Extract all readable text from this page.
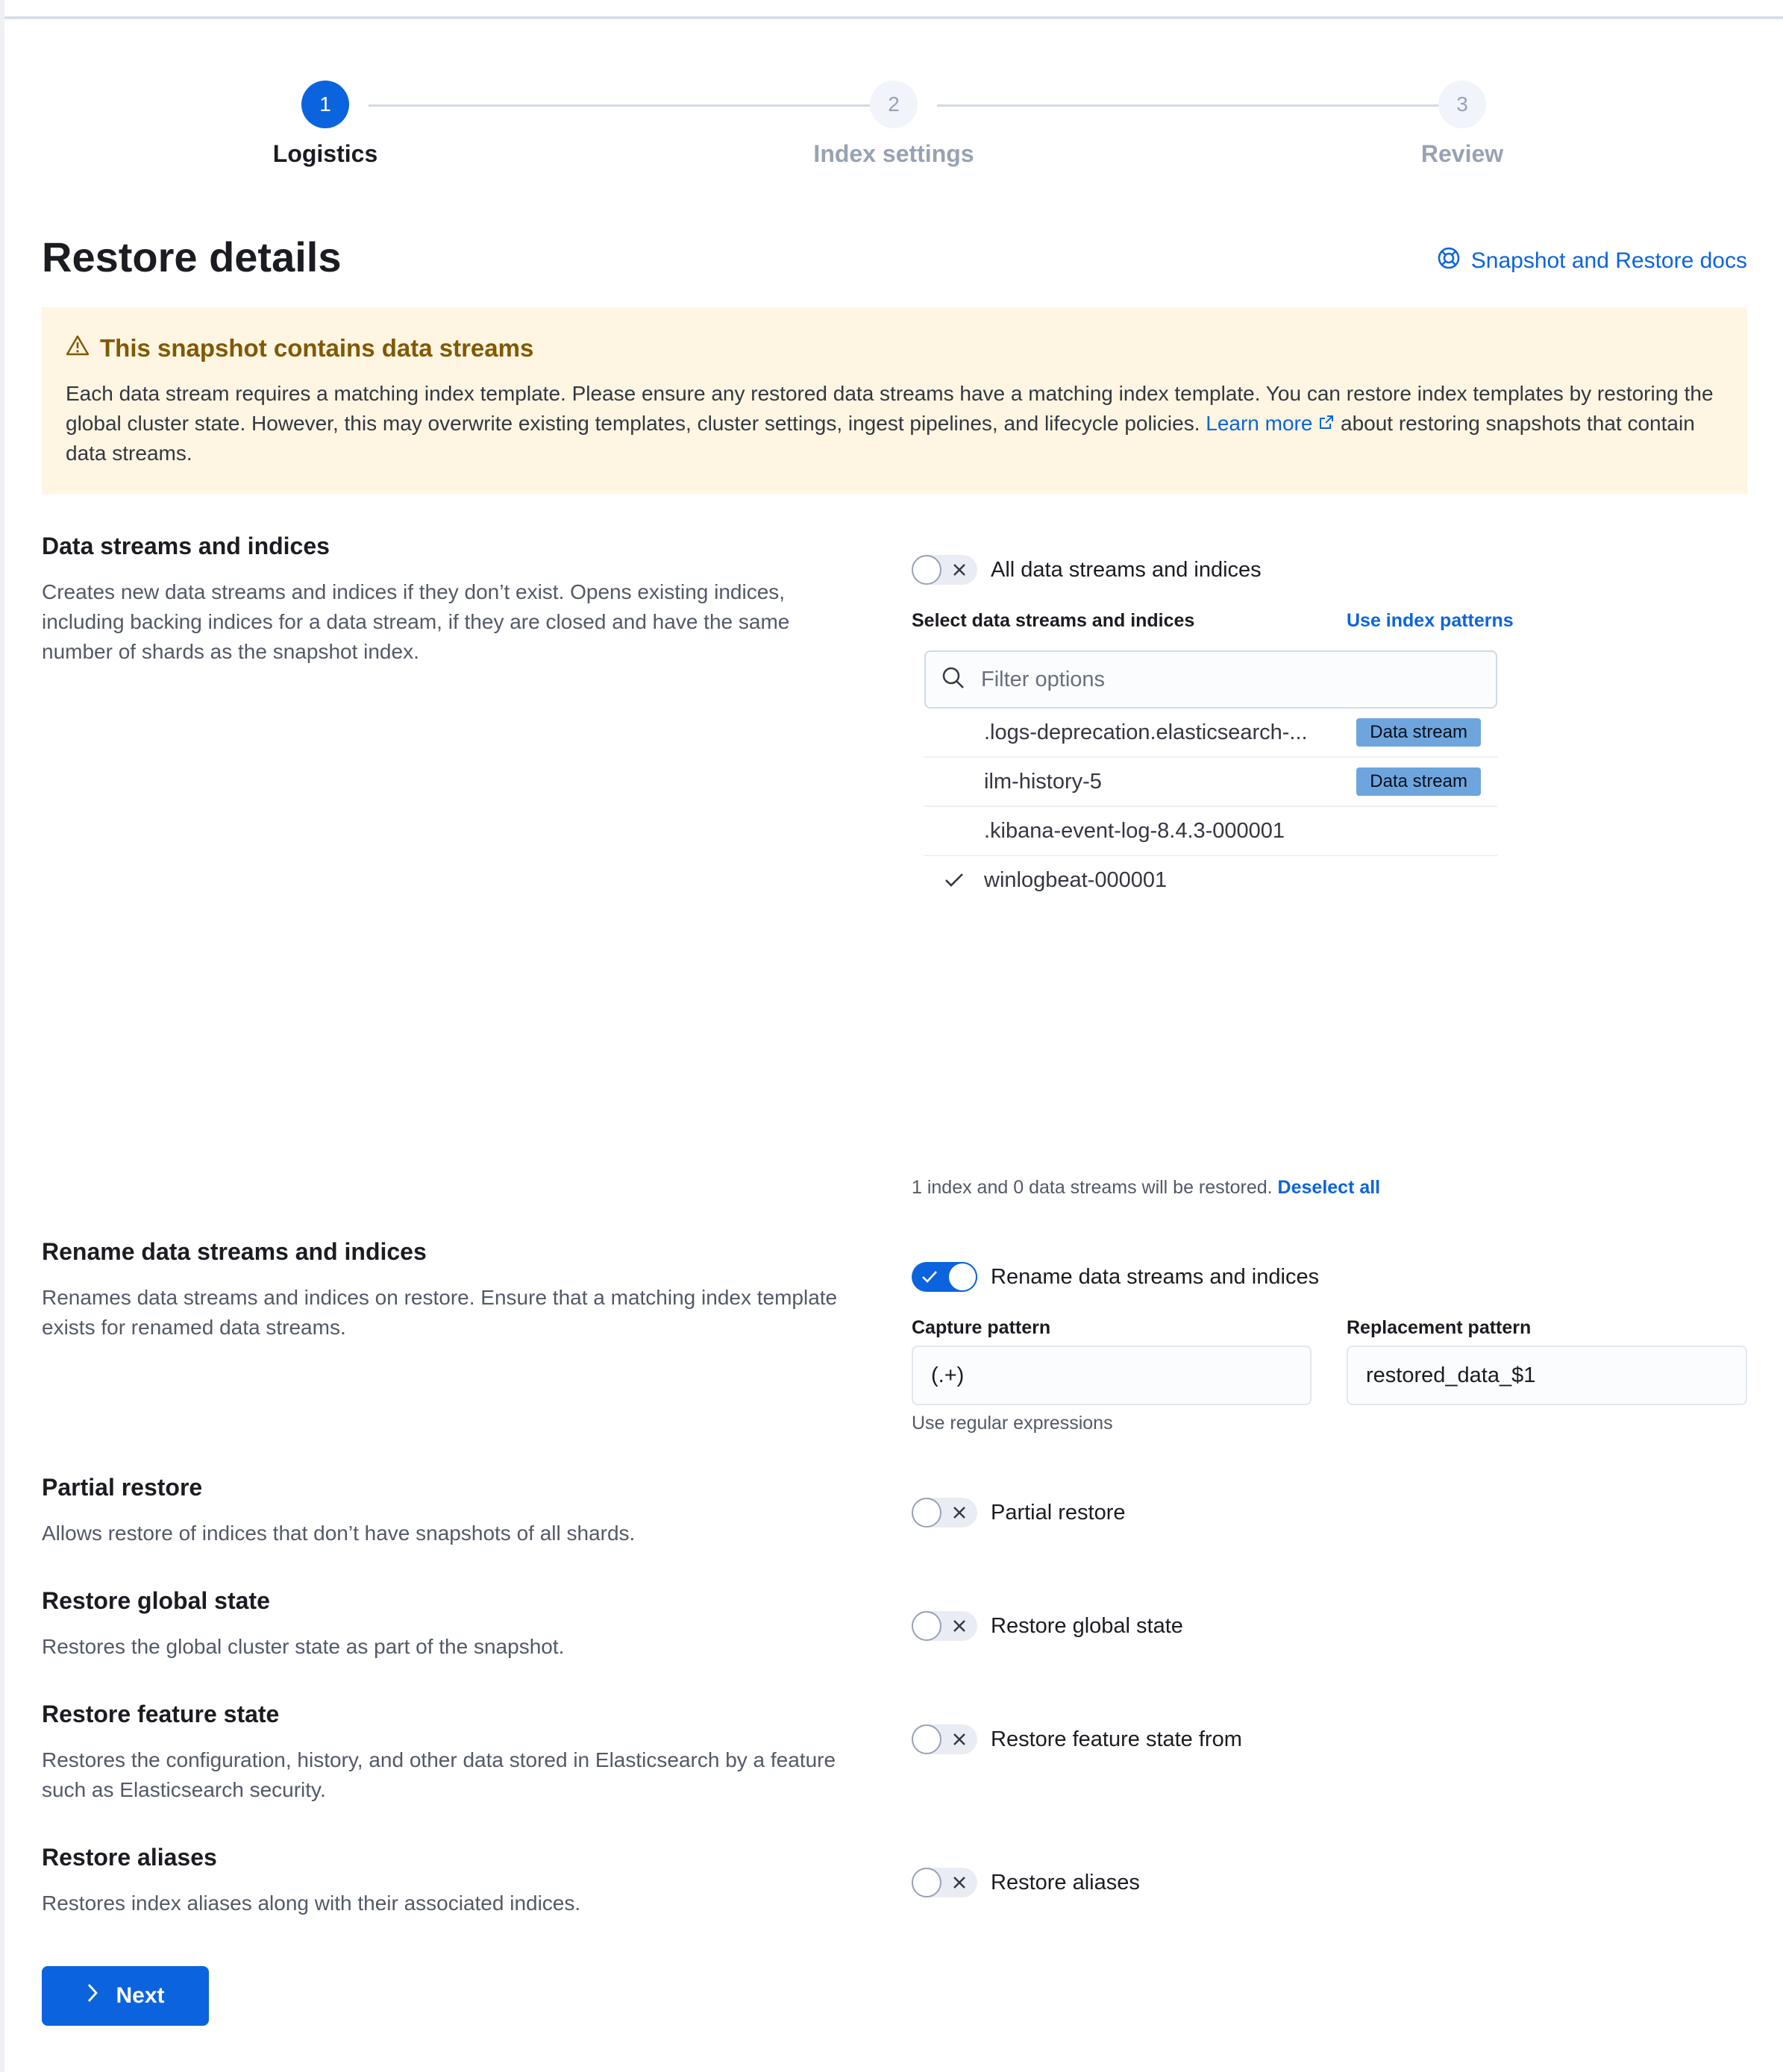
1
Logistics
2
Index settings
3
Review
Restore details	Snapshot and Restore docs
This snapshot contains data streams
Each data stream requires a matching index template. Please ensure any restored data streams have a matching index template. You can restore index templates by restoring the global cluster state. However, this may overwrite existing templates, cluster settings, ingest pipelines, and lifecycle policies. Learn more  about restoring snapshots that contain data streams.
Data streams and indices
Creates new data streams and indices if they don’t exist. Opens existing indices, including backing indices for a data stream, if they are closed and have the same number of shards as the snapshot index.
All data streams and indices
Select data streams and indices	Use index patterns
Filter options
.logs-deprecation.elasticsearch-...	Data stream
ilm-history-5	Data stream
.kibana-event-log-8.4.3-000001
winlogbeat-000001
1 index and 0 data streams will be restored. Deselect all
Rename data streams and indices
Renames data streams and indices on restore. Ensure that a matching index template exists for renamed data streams.
Rename data streams and indices
Capture pattern
(.+)
Use regular expressions
Replacement pattern
restored_data_$1
Partial restore
Allows restore of indices that don’t have snapshots of all shards.
Partial restore
Restore global state
Restores the global cluster state as part of the snapshot.
Restore global state
Restore feature state
Restores the configuration, history, and other data stored in Elasticsearch by a feature such as Elasticsearch security.
Restore feature state from
Restore aliases
Restores index aliases along with their associated indices.
Restore aliases
Next
